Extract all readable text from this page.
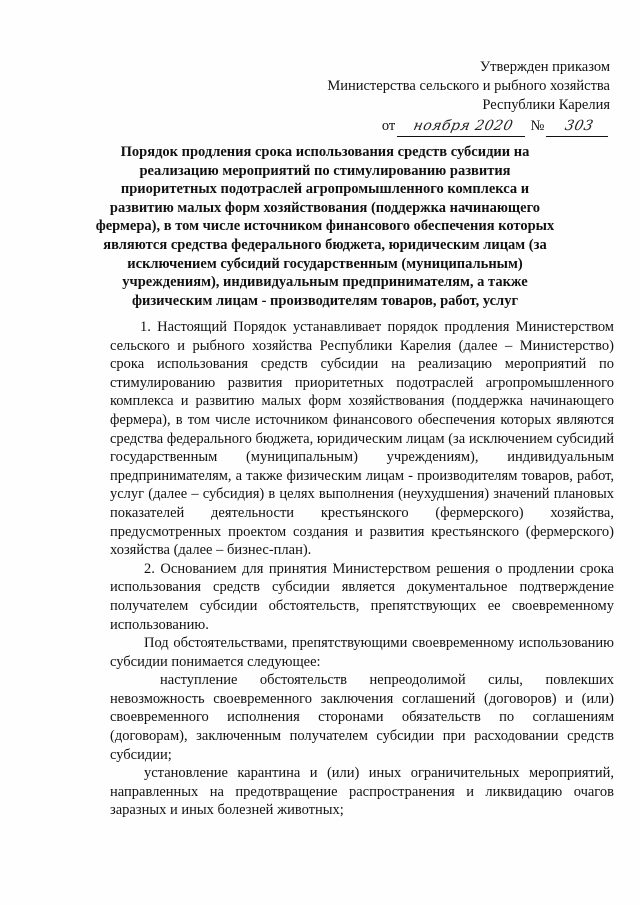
Утвержден приказом
Министерства сельского и рыбного хозяйства
Республики Карелия
от ноября 2020 № 303
Порядок продления срока использования средств субсидии на реализацию мероприятий по стимулированию развития приоритетных подотраслей агропромышленного комплекса и развитию малых форм хозяйствования (поддержка начинающего фермера), в том числе источником финансового обеспечения которых являются средства федерального бюджета, юридическим лицам (за исключением субсидий государственным (муниципальным) учреждениям), индивидуальным предпринимателям, а также физическим лицам - производителям товаров, работ, услуг

1. Настоящий Порядок устанавливает порядок продления Министерством сельского и рыбного хозяйства Республики Карелия (далее – Министерство) срока использования средств субсидии на реализацию мероприятий по стимулированию развития приоритетных подотраслей агропромышленного комплекса и развитию малых форм хозяйствования (поддержка начинающего фермера), в том числе источником финансового обеспечения которых являются средства федерального бюджета, юридическим лицам (за исключением субсидий государственным (муниципальным) учреждениям), индивидуальным предпринимателям, а также физическим лицам - производителям товаров, работ, услуг (далее – субсидия) в целях выполнения (неухудшения) значений плановых показателей деятельности крестьянского (фермерского) хозяйства, предусмотренных проектом создания и развития крестьянского (фермерского) хозяйства (далее – бизнес-план).

2. Основанием для принятия Министерством решения о продлении срока использования средств субсидии является документальное подтверждение получателем субсидии обстоятельств, препятствующих ее своевременному использованию.

Под обстоятельствами, препятствующими своевременному использованию субсидии понимается следующее:

наступление обстоятельств непреодолимой силы, повлекших невозможность своевременного заключения соглашений (договоров) и (или) своевременного исполнения сторонами обязательств по соглашениям (договорам), заключенным получателем субсидии при расходовании средств субсидии;

установление карантина и (или) иных ограничительных мероприятий, направленных на предотвращение распространения и ликвидацию очагов заразных и иных болезней животных;
